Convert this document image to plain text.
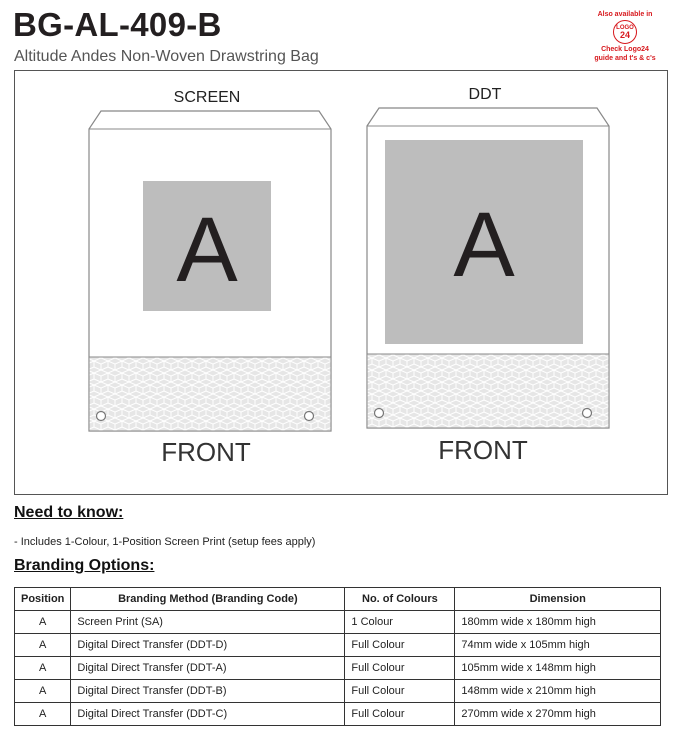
BG-AL-409-B

Altitude Andes Non-Woven Drawstring Bag

Also available in
LOGO
24
Check Logo24
guide and t's & c's
SCREEN
A
FRONT
DDT
A
FRONT
Need to know:

- Includes 1-Colour, 1-Position Screen Print (setup fees apply)

Branding Options:
Position	Branding Method (Branding Code)	No. of Colours	Dimension
A	Screen Print (SA)	1 Colour	180mm wide x 180mm high
A	Digital Direct Transfer (DDT-D)	Full Colour	74mm wide x 105mm high
A	Digital Direct Transfer (DDT-A)	Full Colour	105mm wide x 148mm high
A	Digital Direct Transfer (DDT-B)	Full Colour	148mm wide x 210mm high
A	Digital Direct Transfer (DDT-C)	Full Colour	270mm wide x 270mm high
